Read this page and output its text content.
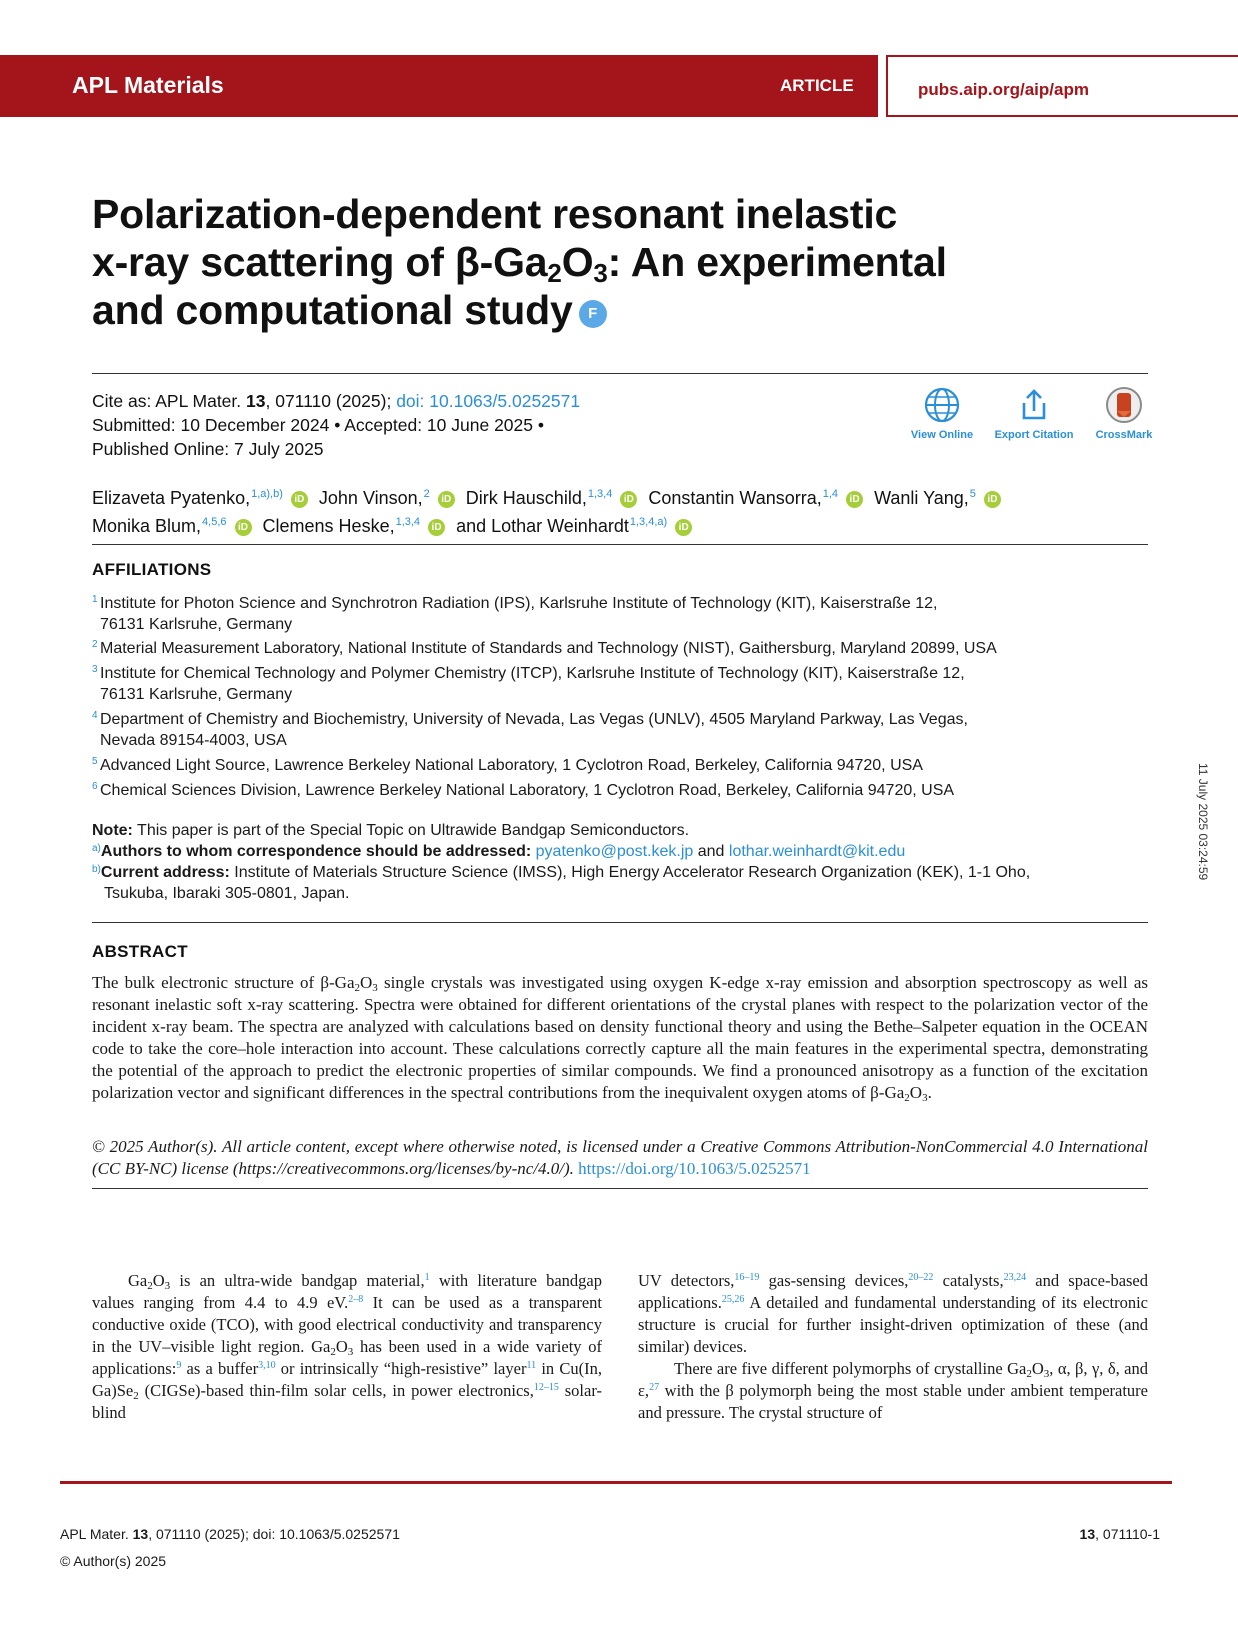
APL Materials	ARTICLE	pubs.aip.org/aip/apm
Polarization-dependent resonant inelastic
x-ray scattering of $\beta-Ga_2O_3$: An experimental
and computational study F
Cite as: APL Mater. 13, 071110 (2025); doi: 10.1063/5.0252571
Submitted: 10 December 2024 • Accepted: 10 June 2025 •
Published Online: 7 July 2025
View Online	Export Citation	CrossMark
Elizaveta Pyatenko,$^{1,a),b)}$ iD John Vinson,$^2$ iD Dirk Hauschild,$^{1,3,4}$ iD Constantin Wansorra,$^{1,4}$ iD Wanli Yang,$^5$ iD
Monika Blum,$^{4,5,6}$ iD Clemens Heske,$^{1,3,4}$ iD and Lothar Weinhardt$^{1,3,4,a)}$ iD
AFFILIATIONS
1 Institute for Photon Science and Synchrotron Radiation (IPS), Karlsruhe Institute of Technology (KIT), Kaiserstraße 12,
76131 Karlsruhe, Germany
2 Material Measurement Laboratory, National Institute of Standards and Technology (NIST), Gaithersburg, Maryland 20899, USA
3 Institute for Chemical Technology and Polymer Chemistry (ITCP), Karlsruhe Institute of Technology (KIT), Kaiserstraße 12,
76131 Karlsruhe, Germany
4 Department of Chemistry and Biochemistry, University of Nevada, Las Vegas (UNLV), 4505 Maryland Parkway, Las Vegas,
Nevada 89154-4003, USA
5 Advanced Light Source, Lawrence Berkeley National Laboratory, 1 Cyclotron Road, Berkeley, California 94720, USA
6 Chemical Sciences Division, Lawrence Berkeley National Laboratory, 1 Cyclotron Road, Berkeley, California 94720, USA
Note: This paper is part of the Special Topic on Ultrawide Bandgap Semiconductors.
$^{a)}$Authors to whom correspondence should be addressed: pyatenko@post.kek.jp and lothar.weinhardt@kit.edu
$^{b)}$Current address: Institute of Materials Structure Science (IMSS), High Energy Accelerator Research Organization (KEK), 1-1 Oho,
Tsukuba, Ibaraki 305-0801, Japan.
ABSTRACT
The bulk electronic structure of $\beta-Ga_2O_3$ single crystals was investigated using oxygen K-edge x-ray emission and absorption spectroscopy as well as resonant inelastic soft x-ray scattering. Spectra were obtained for different orientations of the crystal planes with respect to the polarization vector of the incident x-ray beam. The spectra are analyzed with calculations based on density functional theory and using the Bethe–Salpeter equation in the OCEAN code to take the core–hole interaction into account. These calculations correctly capture all the main features in the experimental spectra, demonstrating the potential of the approach to predict the electronic properties of similar compounds. We find a pronounced anisotropy as a function of the excitation polarization vector and significant differences in the spectral contributions from the inequivalent oxygen atoms of $\beta-Ga_2O_3$.
© 2025 Author(s). All article content, except where otherwise noted, is licensed under a Creative Commons Attribution-NonCommercial 4.0 International (CC BY-NC) license (https://creativecommons.org/licenses/by-nc/4.0/). https://doi.org/10.1063/5.0252571
$Ga_2O_3$ is an ultra-wide bandgap material,$^1$ with literature bandgap values ranging from 4.4 to 4.9 eV.$^{2-8}$ It can be used as a transparent conductive oxide (TCO), with good electrical conductivity and transparency in the UV–visible light region. $Ga_2O_3$ has been used in a wide variety of applications:$^9$ as a buffer$^{3,10}$ or intrinsically “high-resistive” layer$^{11}$ in Cu(In, $Ga)Se_2$ (CIGSe)-based thin-film solar cells, in power electronics,$^{12-15}$ solar-blind
UV detectors,$^{16-19}$ gas-sensing devices,$^{20-22}$ catalysts,$^{23,24}$ and space-based applications.$^{25,26}$ A detailed and fundamental understanding of its electronic structure is crucial for further insight-driven optimization of these (and similar) devices.
There are five different polymorphs of crystalline $Ga_2O_3$, α, β, γ, δ, and ε,$^{27}$ with the β polymorph being the most stable under ambient temperature and pressure. The crystal structure of
APL Mater. 13, 071110 (2025); doi: 10.1063/5.0252571
© Author(s) 2025
13, 071110-1
11 July 2025 03:24:59
